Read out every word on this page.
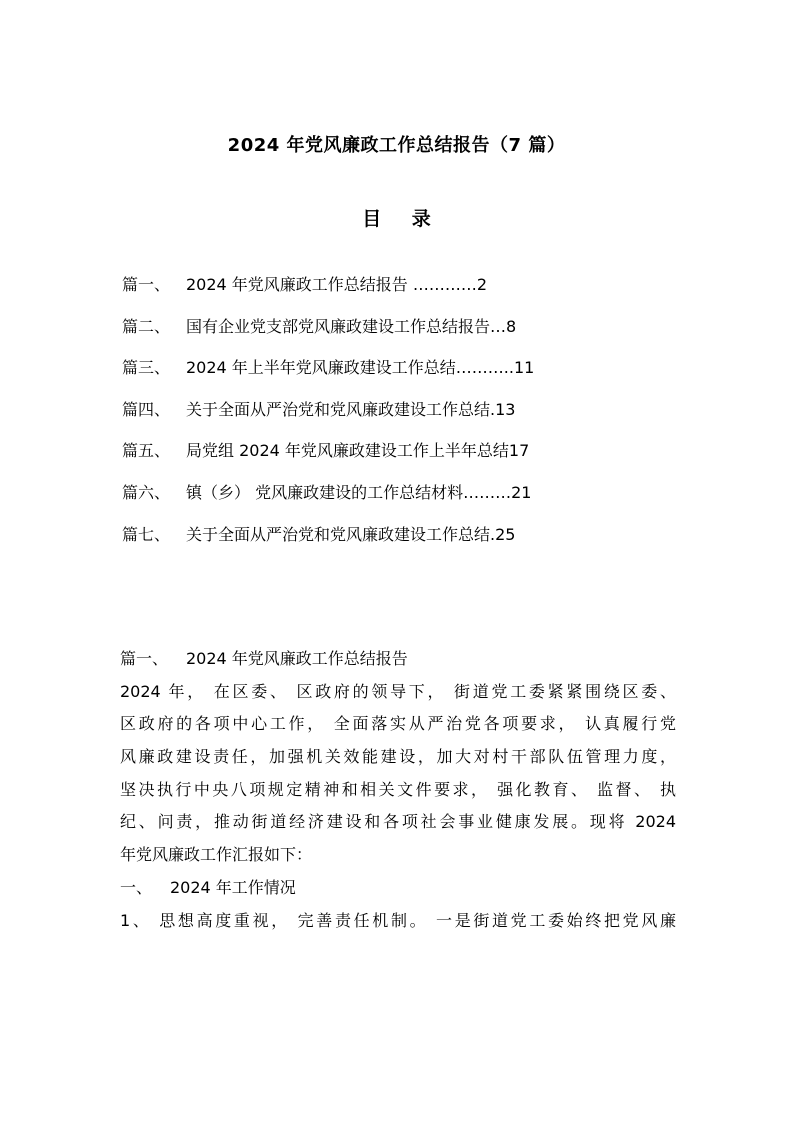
2024 年党风廉政工作总结报告（7 篇）
目 录
篇一、 2024 年党风廉政工作总结报告 …………2
篇二、 国有企业党支部党风廉政建设工作总结报告…8
篇三、 2024 年上半年党风廉政建设工作总结………..11
篇四、 关于全面从严治党和党风廉政建设工作总结.13
篇五、 局党组 2024 年党风廉政建设工作上半年总结17
篇六、 镇（乡） 党风廉政建设的工作总结材料………21
篇七、 关于全面从严治党和党风廉政建设工作总结.25
篇一、 2024 年党风廉政工作总结报告
2024 年， 在区委、 区政府的领导下， 街道党工委紧紧围绕区委、
区政府的各项中心工作， 全面落实从严治党各项要求， 认真履行党
风廉政建设责任，加强机关效能建设，加大对村干部队伍管理力度，
坚决执行中央八项规定精神和相关文件要求， 强化教育、 监督、 执
纪、问责，推动街道经济建设和各项社会事业健康发展。现将 2024
年党风廉政工作汇报如下：
一、 2024 年工作情况
1、 思想高度重视， 完善责任机制。 一是街道党工委始终把党风廉
